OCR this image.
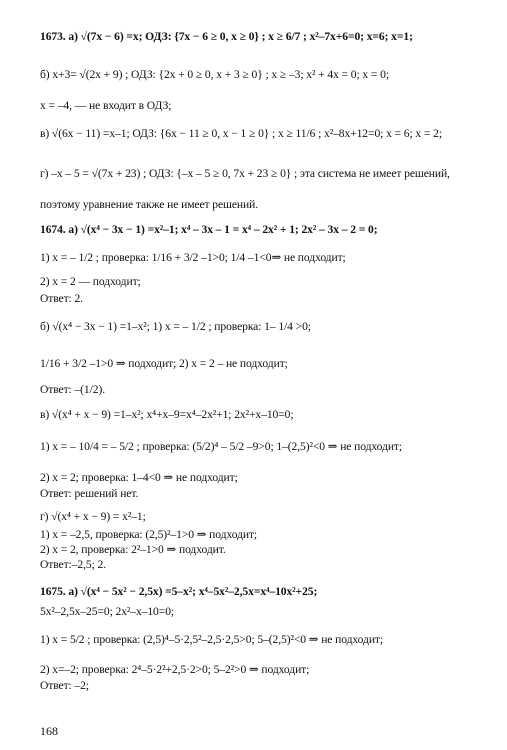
1673. а) √(7x − 6) =x; ОДЗ: {7x − 6 ≥ 0, x ≥ 0} ; x ≥ 6/7 ; x²–7x+6=0; x=6; x=1;
б) x+3= √(2x + 9) ; ОДЗ: {2x + 0 ≥ 0, x + 3 ≥ 0} ; x ≥ –3; x² + 4x = 0; x = 0;
x = –4, — не входит в ОДЗ;
в) √(6x − 11) =x–1; ОДЗ: {6x − 11 ≥ 0, x − 1 ≥ 0} ; x ≥ 11/6 ; x²–8x+12=0; x = 6; x = 2;
г) –x – 5 = √(7x + 23) ; ОДЗ: {–x – 5 ≥ 0, 7x + 23 ≥ 0} ; эта система не имеет решений,
поэтому уравнение также не имеет решений.
1674. а) √(x⁴ − 3x − 1) =x²–1; x⁴ – 3x – 1 = x⁴ – 2x² + 1; 2x² – 3x – 2 = 0;
1) x = – 1/2 ; проверка: 1/16 + 3/2 –1>0; 1/4 –1<0⇒ не подходит;
2) x = 2 — подходит;
Ответ: 2.
б) √(x⁴ − 3x − 1) =1–x²; 1) x = – 1/2 ; проверка: 1– 1/4 >0;
1/16 + 3/2 –1>0 ⇒ подходит; 2) x = 2 – не подходит;
Ответ: –(1/2).
в) √(x⁴ + x − 9) =1–x²; x⁴+x–9=x⁴–2x²+1; 2x²+x–10=0;
1) x = – 10/4 = – 5/2 ; проверка: (5/2)⁴ – 5/2 –9>0; 1–(2,5)²<0 ⇒ не подходит;
2) x = 2; проверка: 1–4<0 ⇒ не подходит;
Ответ: решений нет.
г) √(x⁴ + x − 9) = x²–1;
1) x = –2,5, проверка: (2,5)²–1>0 ⇒ подходит;
2) x = 2, проверка: 2²–1>0 ⇒ подходит.
Ответ:–2,5; 2.
1675. а) √(x⁴ − 5x² − 2,5x) =5–x²; x⁴–5x²–2,5x=x⁴–10x²+25;
5x²–2,5x–25=0; 2x²–x–10=0;
1) x = 5/2 ; проверка: (2,5)⁴–5·2,5²–2,5·2,5>0; 5–(2,5)²<0 ⇒ не подходит;
2) x=–2; проверка: 2⁴–5·2²+2,5·2>0; 5–2²>0 ⇒ подходит;
Ответ: –2;
168
